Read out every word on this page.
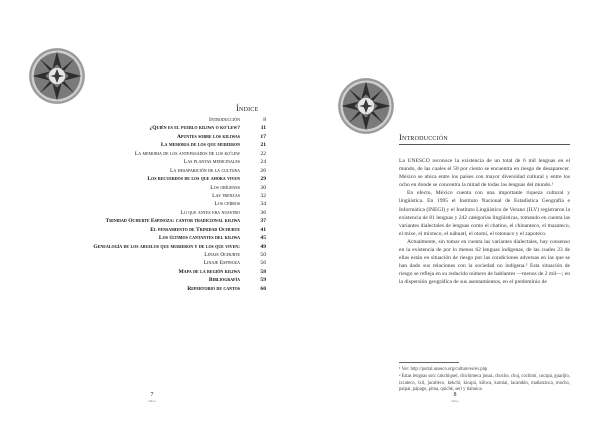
Índice
Introducción	8
¿Quién es el pueblo kiliwa o ko'lew?	11
Apuntes sobre los kiliwas	17
La memoria de los que murieron	21
La memoria de los antepasados de los ko'lew	22
Las plantas medicinales	24
La desaparición de la cultura	26
Los recuerdos de los que ahora viven	29
Los orígenes	30
Las trenzas	32
Los cerros	34
Lo que antes era nuestro	36
Trinidad Ochurte Espinoza: cantor tradicional kiliwa	37
El pensamiento de Trinidad Ochurte	41
Los últimos cantantes del kiliwa	45
Genealogía de los abuelos que murieron y de los que viven:	49
Linaje Ochurte	50
Linaje Espinoza	56
Mapa de la región kiliwa	58
Bibliografía	59
Repertorio de cantos	60
7
kiliwa
Introducción

La UNESCO reconoce la existencia de un total de 6 mil lenguas en el mundo, de las cuales el 50 por ciento se encuentra en riesgo de desaparecer. México se ubica entre los países con mayor diversidad cultural y entre los ocho en donde se concentra la mitad de todas las lenguas del mundo.¹

En efecto, México cuenta con una importante riqueza cultural y lingüística. En 1995 el Instituto Nacional de Estadística Geografía e Informática (INEGI) y el Instituto Lingüístico de Verano (ILV) registraron la existencia de 81 lenguas y 242 categorías lingüísticas, tomando en cuenta las variantes dialectales de lenguas como el chatino, el chinanteco, el mazateco, el mixe, el mixteco, el náhuatl, el otomí, el totonaco y el zapoteco.

Actualmente, sin tomar en cuenta las variantes dialectales, hay consenso en la existencia de por lo menos 62 lenguas indígenas, de las cuales 23 de ellas están en situación de riesgo por las condiciones adversas en las que se han dado sus relaciones con la sociedad no indígena.² Esta situación de riesgo se refleja en su reducido número de hablantes —menos de 2 mil—; en la dispersión geográfica de sus asentamientos, en el predominio de

¹ Ver: http://portal.unesco.org/culture/es/ev.php

² Estas lenguas son: cakchiquel, chichimeca jonaz, chocho, chuj, cochimí, cucapá, guarijío, ixcateco, ixil, jacalteco, kekchí, kicapú, kiliwa, kumiai, lacandón, matlatzinca, mocho, paipai, pápago, pima, quiché, seri y tlahuica.

8
kiliwa
